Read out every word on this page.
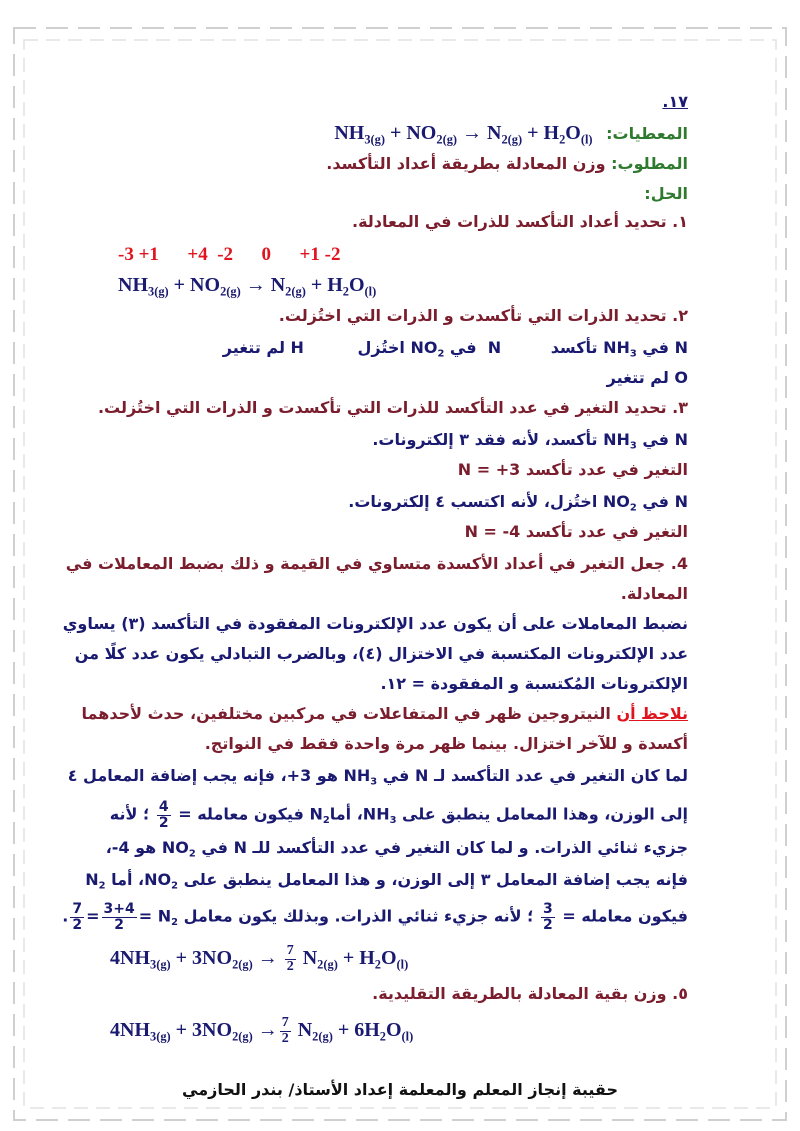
١٧.
المعطيات: $NH_{3(g)} + NO_{2(g)} \to N_{2(g)} + H_2O_{(l)}$
المطلوب: وزن المعادلة بطريقة أعداد التأكسد.
الحل:
١. تحديد أعداد التأكسد للذرات في المعادلة.
-3 +1      +4  -2      0      +1 -2
$NH_{3(g)} + NO_{2(g)} \to N_{2(g)} + H_2O_{(l)}$
٢. تحديد الذرات التي تأكسدت و الذرات التي اختُزلت.
N في $NH_3$ تأكسد N  في $NO_2$ اختُزل H لم تتغير
O لم تتغير
٣. تحديد التغير في عدد التأكسد للذرات التي تأكسدت و الذرات التي اختُزلت.
N في $NH_3$ تأكسد، لأنه فقد ٣ إلكترونات.
التغير في عدد تأكسد N = +3
N في $NO_2$ اختُزل، لأنه اكتسب ٤ إلكترونات.
التغير في عدد تأكسد N = -4
4. جعل التغير في أعداد الأكسدة متساوي في القيمة و ذلك بضبط المعاملات في
المعادلة.
نضبط المعاملات على أن يكون عدد الإلكترونات المفقودة في التأكسد (٣) يساوي
عدد الإلكترونات المكتسبة في الاختزال (٤)، وبالضرب التبادلي يكون عدد كلًا من
الإلكترونات المُكتسبة و المفقودة = ١٢.
نلاحظ أن النيتروجين ظهر في المتفاعلات في مركبين مختلفين، حدث لأحدهما
أكسدة و للآخر اختزال. بينما ظهر مرة واحدة فقط في النواتج.
لما كان التغير في عدد التأكسد لـ N في $NH_3$ هو 3+، فإنه يجب إضافة المعامل ٤
إلى الوزن، وهذا المعامل ينطبق على $NH_3،$ أماN$_2$ فيكون معامله =
$\frac{4}{2}$
؛ لأنه
جزيء ثنائي الذرات. و لما كان التغير في عدد التأكسد للـ N في $NO_2$ هو 4-،
فإنه يجب إضافة المعامل ٣ إلى الوزن، و هذا المعامل ينطبق على $NO_2،$ أما $N_2$
فيكون معامله =
$\frac{3}{2}$
؛ لأنه جزيء ثنائي الذرات. وبذلك يكون معامل $N_2$ =
$\frac{3+4}{2}$
=
$\frac{7}{2}$
.
$4NH_{3(g)} + 3NO_{2(g)} \to \frac{7}{2} N_{2(g)} + H_2O_{(l)}$
٥. وزن بقية المعادلة بالطريقة التقليدية.
$4NH_{3(g)} + 3NO_{2(g)} \to \frac{7}{2} N_{2(g)} + 6H_2O_{(l)}$
حقيبة إنجاز المعلم والمعلمة إعداد الأستاذ/ بندر الحازمي
